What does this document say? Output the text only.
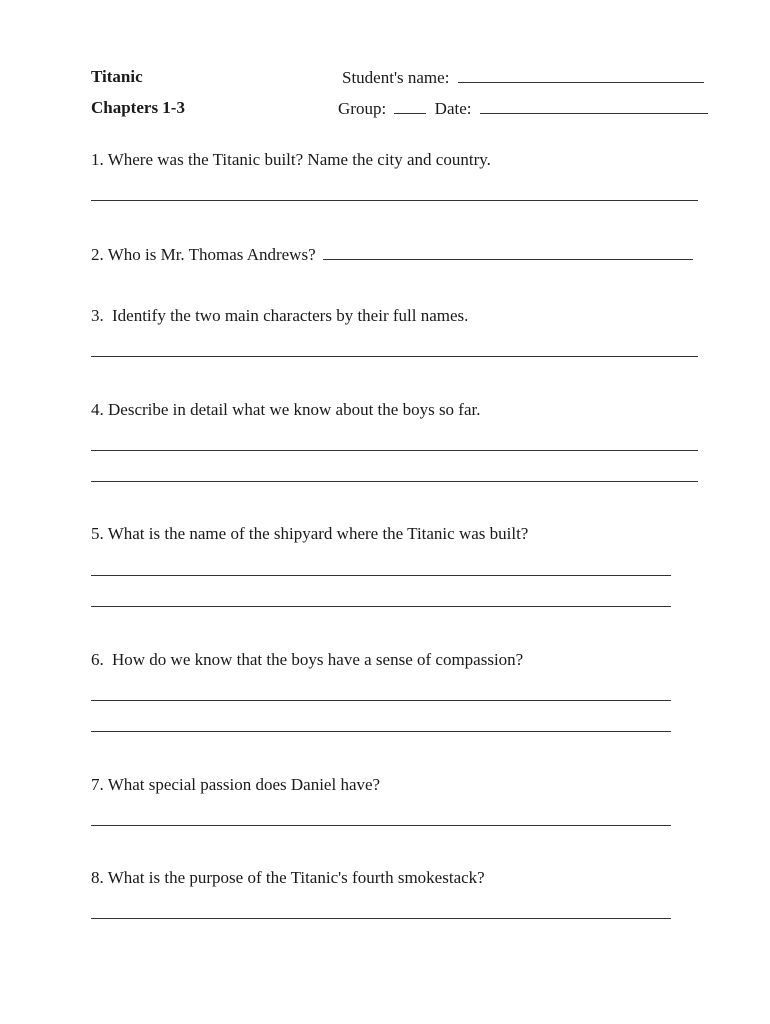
Titanic
Chapters 1-3
Student's name:
Group:	Date:
1. Where was the Titanic built? Name the city and country.
2. Who is Mr. Thomas Andrews?
3. Identify the two main characters by their full names.
4. Describe in detail what we know about the boys so far.
5. What is the name of the shipyard where the Titanic was built?
6. How do we know that the boys have a sense of compassion?
7. What special passion does Daniel have?
8. What is the purpose of the Titanic's fourth smokestack?
